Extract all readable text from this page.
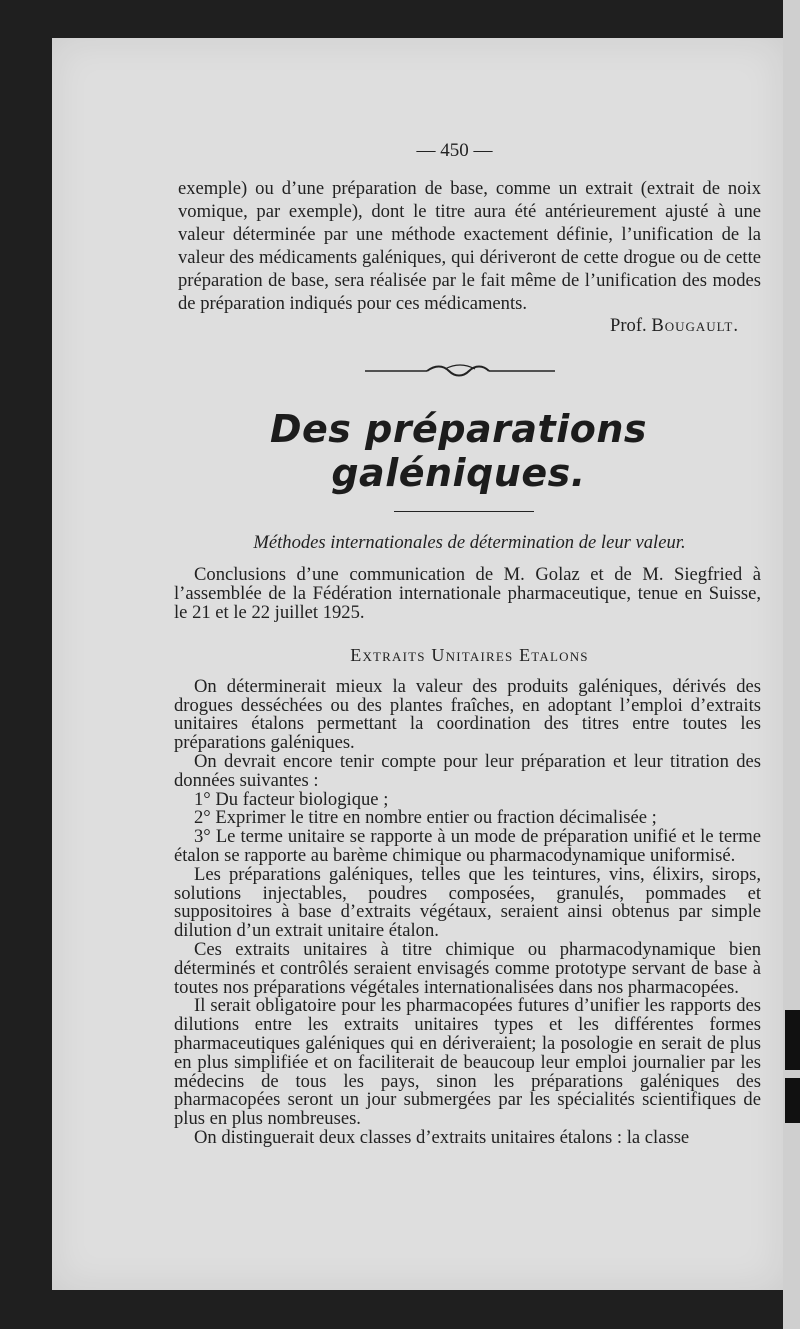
— 450 —

exemple) ou d’une préparation de base, comme un extrait (extrait de noix vomique, par exemple), dont le titre aura été antérieurement ajusté à une valeur déterminée par une méthode exactement définie, l’unification de la valeur des médicaments galéniques, qui dériveront de cette drogue ou de cette préparation de base, sera réalisée par le fait même de l’unification des modes de préparation indiqués pour ces médicaments.

Prof. Bougault.
Des préparations galéniques.
Méthodes internationales de détermination de leur valeur.

Conclusions d’une communication de M. Golaz et de M. Siegfried à l’assemblée de la Fédération internationale pharmaceutique, tenue en Suisse, le 21 et le 22 juillet 1925.

Extraits Unitaires Etalons

On déterminerait mieux la valeur des produits galéniques, dérivés des drogues desséchées ou des plantes fraîches, en adoptant l’emploi d’extraits unitaires étalons permettant la coordination des titres entre toutes les préparations galéniques.

On devrait encore tenir compte pour leur préparation et leur titration des données suivantes :

1° Du facteur biologique ;

2° Exprimer le titre en nombre entier ou fraction décimalisée ;

3° Le terme unitaire se rapporte à un mode de préparation unifié et le terme étalon se rapporte au barème chimique ou pharmacodynamique uniformisé.

Les préparations galéniques, telles que les teintures, vins, élixirs, sirops, solutions injectables, poudres composées, granulés, pommades et suppositoires à base d’extraits végétaux, seraient ainsi obtenus par simple dilution d’un extrait unitaire étalon.

Ces extraits unitaires à titre chimique ou pharmacodynamique bien déterminés et contrôlés seraient envisagés comme prototype servant de base à toutes nos préparations végétales internationalisées dans nos pharmacopées.

Il serait obligatoire pour les pharmacopées futures d’unifier les rapports des dilutions entre les extraits unitaires types et les différentes formes pharmaceutiques galéniques qui en dériveraient; la posologie en serait de plus en plus simplifiée et on faciliterait de beaucoup leur emploi journalier par les médecins de tous les pays, sinon les préparations galéniques des pharmacopées seront un jour submergées par les spécialités scientifiques de plus en plus nombreuses.

On distinguerait deux classes d’extraits unitaires étalons : la classe
